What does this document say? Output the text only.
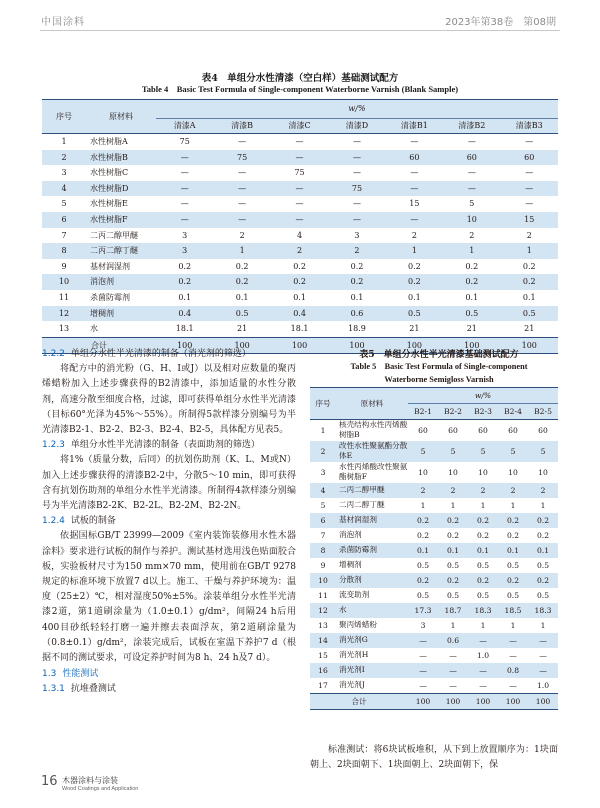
中国涂料	2023年第38卷　第08期
表4　单组分水性清漆（空白样）基础测试配方
Table 4　Basic Test Formula of Single-component Waterborne Varnish (Blank Sample)
序号	原材料	w/%						
		清漆A	清漆B	清漆C	清漆D	清漆B1	清漆B2	清漆B3
1	水性树脂A	75	—	—	—	—	—	—
2	水性树脂B	—	75	—	—	60	60	60
3	水性树脂C	—	—	75	—	—	—	—
4	水性树脂D	—	—	—	75	—	—	—
5	水性树脂E	—	—	—	—	15	5	—
6	水性树脂F	—	—	—	—	—	10	15
7	二丙二醇甲醚	3	2	4	3	2	2	2
8	二丙二醇丁醚	3	1	2	2	1	1	1
9	基材润湿剂	0.2	0.2	0.2	0.2	0.2	0.2	0.2
10	消泡剂	0.2	0.2	0.2	0.2	0.2	0.2	0.2
11	杀菌防霉剂	0.1	0.1	0.1	0.1	0.1	0.1	0.1
12	增稠剂	0.4	0.5	0.4	0.6	0.5	0.5	0.5
13	水	18.1	21	18.1	18.9	21	21	21
合计		100	100	100	100	100	100	100

1.2.2 单组分水性半光清漆的制备（消光剂的筛选）

将配方中的消光粉（G、H、I或J）以及相对应数量的聚丙烯蜡粉加入上述步骤获得的B2清漆中，添加适量的水性分散剂，高速分散至细度合格，过滤，即可获得单组分水性半光清漆（目标60°光泽为45%～55%）。所制得5款样漆分别编号为半光清漆B2-1、B2-2、B2-3、B2-4、B2-5，具体配方见表5。

1.2.3 单组分水性半光清漆的制备（表面助剂的筛选）

将1%（质量分数，后同）的抗划伤助剂（K、L、M或N）加入上述步骤获得的清漆B2-2中，分散5～10 min，即可获得含有抗划伤助剂的单组分水性半光清漆。所制得4款样漆分别编号为半光清漆B2-2K、B2-2L、B2-2M、B2-2N。

1.2.4 试板的制备

依据国标GB/T 23999—2009《室内装饰装修用水性木器涂料》要求进行试板的制作与养护。测试基材选用浅色贴面胶合板，实验板材尺寸为150 mm×70 mm，使用前在GB/T 9278规定的标准环境下放置7 d以上。施工、干燥与养护环境为：温度（25±2）℃，相对湿度50%±5%。涂装单组分水性半光清漆2道，第1道刷涂量为（1.0±0.1）g/dm²，间隔24 h后用400目砂纸轻轻打磨一遍并擦去表面浮灰，第2道刷涂量为（0.8±0.1）g/dm²，涂装完成后，试板在室温下养护7 d（根据不同的测试要求，可设定养护时间为8 h、24 h及7 d）。

1.3 性能测试

1.3.1 抗堆叠测试

表5　单组分水性半光清漆基础测试配方
Table 5　Basic Test Formula of Single-component
Waterborne Semigloss Varnish
序号	原材料	w/%				
		B2-1	B2-2	B2-3	B2-4	B2-5
1	核壳结构水性丙烯酸树脂B	60	60	60	60	60
2	改性水性聚氨酯分散体E	5	5	5	5	5
3	水性丙烯酸改性聚氨酯树脂F	10	10	10	10	10
4	二丙二醇甲醚	2	2	2	2	2
5	二丙二醇丁醚	1	1	1	1	1
6	基材润湿剂	0.2	0.2	0.2	0.2	0.2
7	消泡剂	0.2	0.2	0.2	0.2	0.2
8	杀菌防霉剂	0.1	0.1	0.1	0.1	0.1
9	增稠剂	0.5	0.5	0.5	0.5	0.5
10	分散剂	0.2	0.2	0.2	0.2	0.2
11	流变助剂	0.5	0.5	0.5	0.5	0.5
12	水	17.3	18.7	18.3	18.5	18.3
13	聚丙烯蜡粉	3	1	1	1	1
14	消光剂G	—	0.6	—	—	—
15	消光剂H	—	—	1.0	—	—
16	消光剂I	—	—	—	0.8	—
17	消光剂J	—	—	—	—	1.0
合计		100	100	100	100	100
标准测试：将6块试板堆积，从下到上放置顺序为：1块面朝上、2块面朝下、1块面朝上、2块面朝下，保
16 木器涂料与涂装
Wood Coatings and Application
